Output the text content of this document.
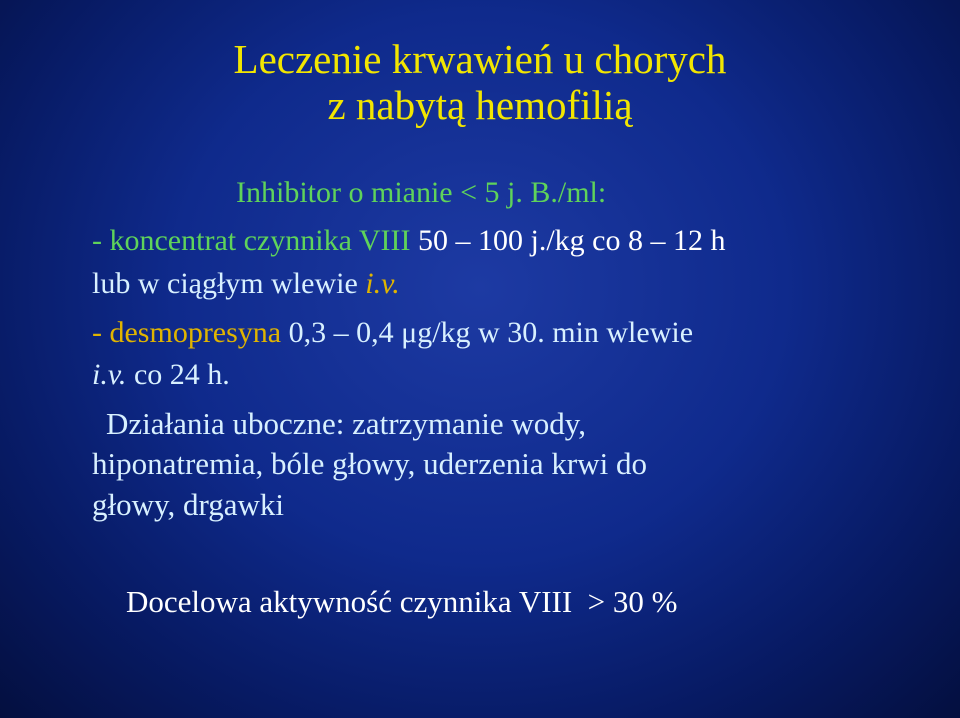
Leczenie krwawień u chorych
z nabytą hemofilią
Inhibitor o mianie < 5 j. B./ml:
- koncentrat czynnika VIII 50 – 100 j./kg co 8 – 12 h
lub w ciągłym wlewie i.v.
- desmopresyna 0,3 – 0,4 μg/kg w 30. min wlewie
i.v. co 24 h.
Działania uboczne: zatrzymanie wody,
hiponatremia, bóle głowy, uderzenia krwi do
głowy, drgawki
Docelowa aktywność czynnika VIII  > 30 %
